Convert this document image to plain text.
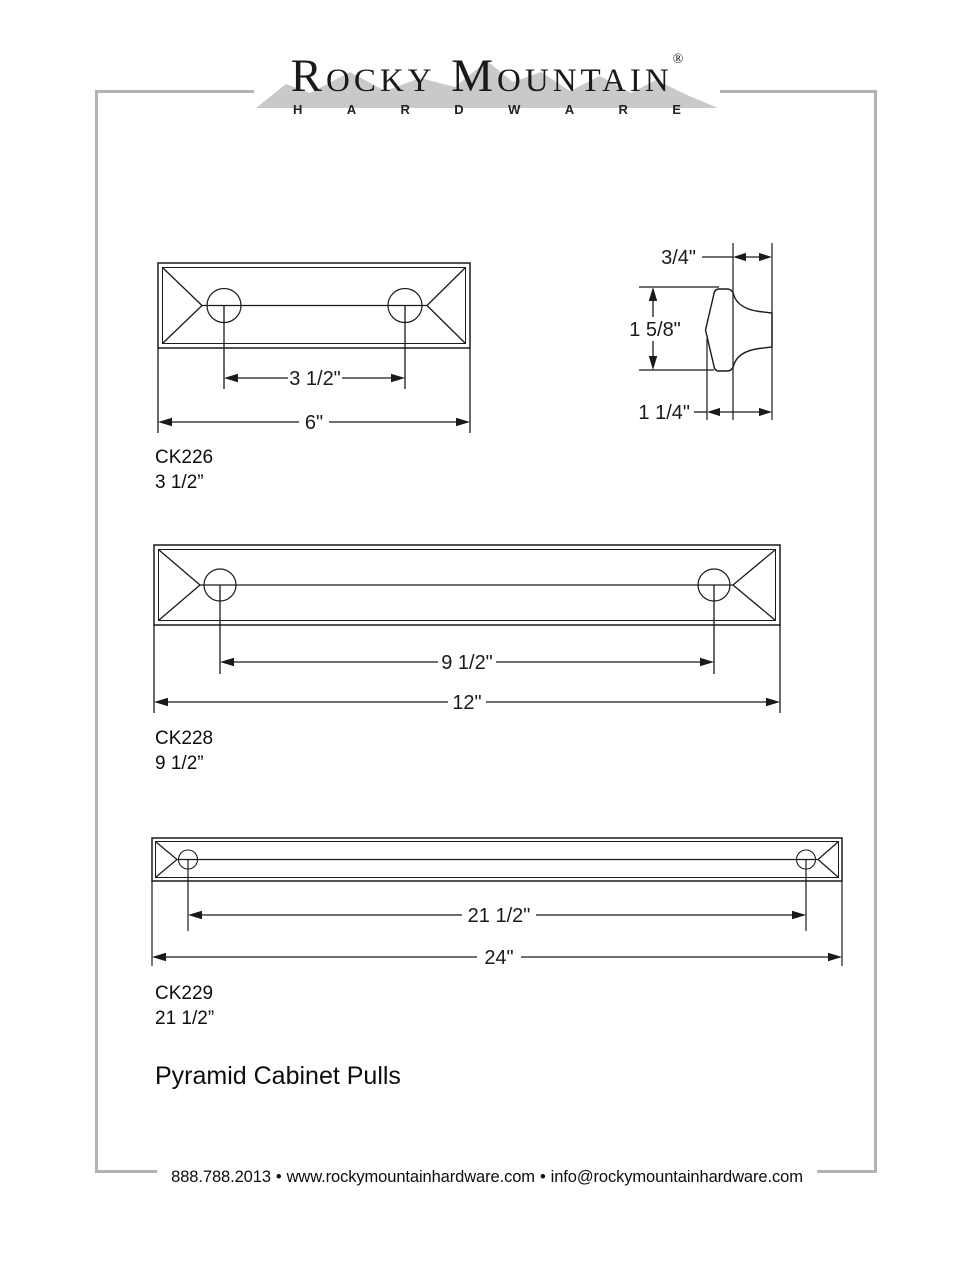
Rocky Mountain®
H	A	R	D	W	A	R	E
3 1/2"
6"
3/4"
1 5/8"
1 1/4"
9 1/2"
12"
21 1/2"
24"
CK226
3 1/2”
CK228
9 1/2”
CK229
21 1/2”
Pyramid Cabinet Pulls
888.788.2013 • www.rockymountainhardware.com • info@rockymountainhardware.com
